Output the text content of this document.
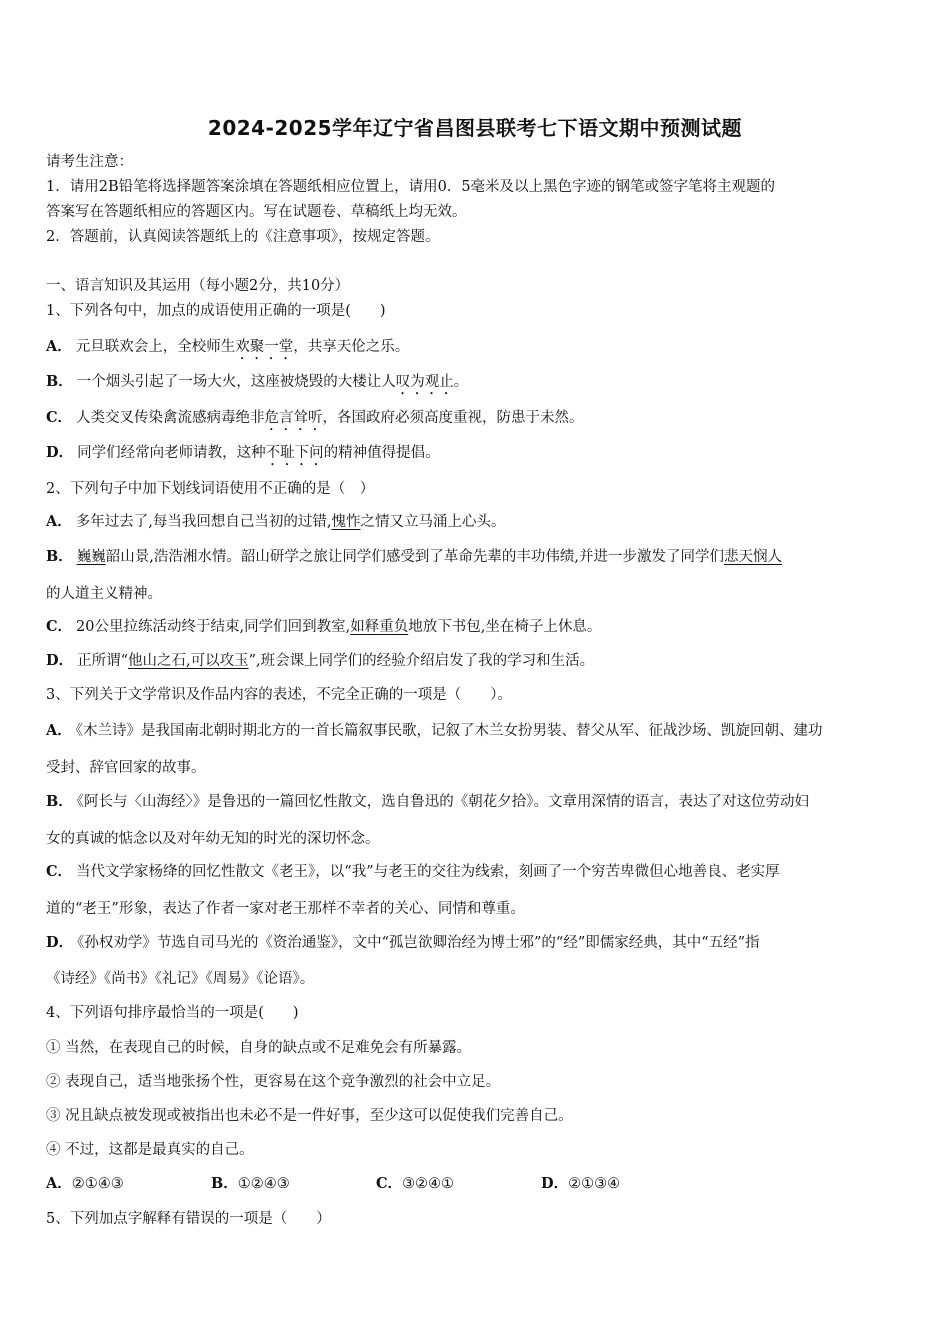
2024-2025学年辽宁省昌图县联考七下语文期中预测试题
请考生注意：
1．请用2B铅笔将选择题答案涂填在答题纸相应位置上，请用0．5毫米及以上黑色字迹的钢笔或签字笔将主观题的
答案写在答题纸相应的答题区内。写在试题卷、草稿纸上均无效。
2．答题前，认真阅读答题纸上的《注意事项》，按规定答题。
一、语言知识及其运用（每小题2分，共10分）
1、下列各句中，加点的成语使用正确的一项是(　　)
A． 元旦联欢会上，全校师生欢聚一堂，共享天伦之乐。
B． 一个烟头引起了一场大火，这座被烧毁的大楼让人叹为观止。
C． 人类交叉传染禽流感病毒绝非危言耸听，各国政府必须高度重视，防患于未然。
D． 同学们经常向老师请教，这种不耻下问的精神值得提倡。
2、下列句子中加下划线词语使用不正确的是（　）
A． 多年过去了,每当我回想自己当初的过错,愧怍之情又立马涌上心头。
B． 巍巍韶山景,浩浩湘水情。韶山研学之旅让同学们感受到了革命先辈的丰功伟绩,并进一步激发了同学们悲天悯人
的人道主义精神。
C． 20公里拉练活动终于结束,同学们回到教室,如释重负地放下书包,坐在椅子上休息。
D． 正所谓“他山之石,可以攻玉”,班会课上同学们的经验介绍启发了我的学习和生活。
3、下列关于文学常识及作品内容的表述，不完全正确的一项是（　　）。
A． 《木兰诗》是我国南北朝时期北方的一首长篇叙事民歌，记叙了木兰女扮男装、替父从军、征战沙场、凯旋回朝、建功
受封、辞官回家的故事。
B． 《阿长与〈山海经〉》是鲁迅的一篇回忆性散文，选自鲁迅的《朝花夕拾》。文章用深情的语言，表达了对这位劳动妇
女的真诚的惦念以及对年幼无知的时光的深切怀念。
C． 当代文学家杨绛的回忆性散文《老王》，以“我”与老王的交往为线索，刻画了一个穷苦卑微但心地善良、老实厚
道的“老王”形象，表达了作者一家对老王那样不幸者的关心、同情和尊重。
D． 《孙权劝学》节选自司马光的《资治通鉴》，文中“孤岂欲卿治经为博士邪”的“经”即儒家经典，其中“五经”指
《诗经》《尚书》《礼记》《周易》《论语》。
4、下列语句排序最恰当的一项是(　　)
① 当然，在表现自己的时候，自身的缺点或不足难免会有所暴露。
② 表现自己，适当地张扬个性，更容易在这个竞争激烈的社会中立足。
③ 况且缺点被发现或被指出也未必不是一件好事，至少这可以促使我们完善自己。
④ 不过，这都是最真实的自己。
A．②①④③	B．①②④③	C．③②④①	D．②①③④
5、下列加点字解释有错误的一项是（　　）
